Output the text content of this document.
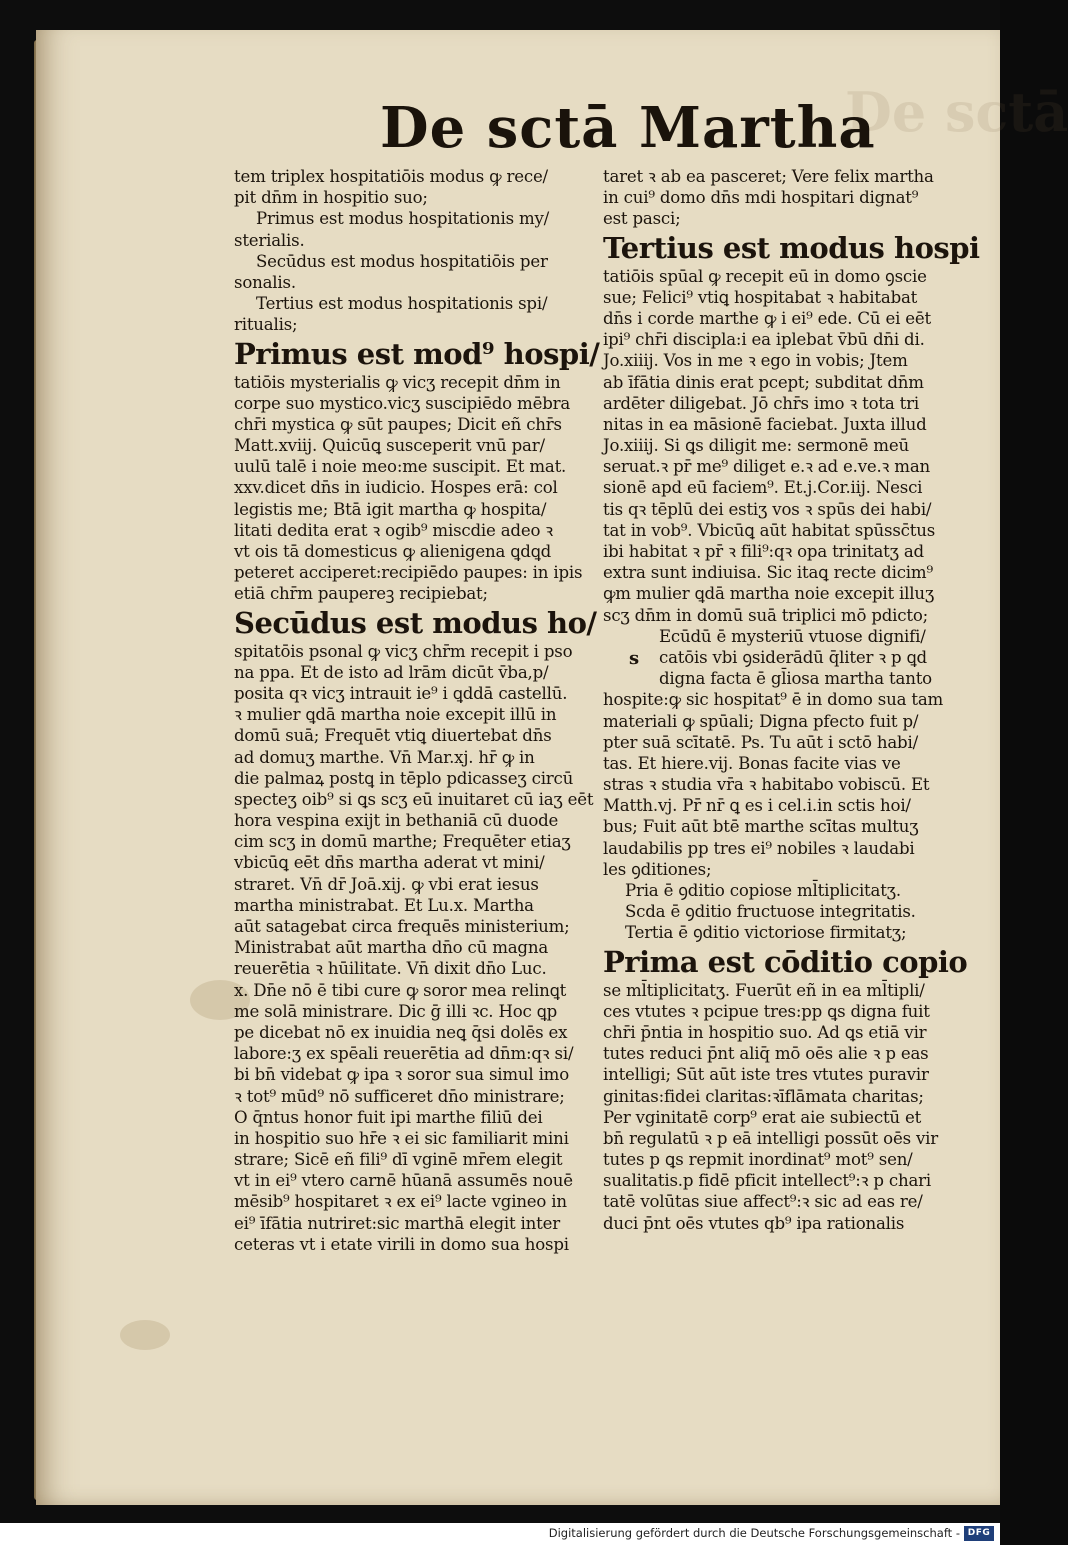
De sctā
De sctā Martha
tem triplex hospitatiōis modus ꝙ rece/
pit dn̄m in hospitio suo;
Primus est modus hospitationis my/
sterialis.
Secūdus est modus hospitatiōis per
sonalis.
Tertius est modus hospitationis spi/
ritualis;
Primus est mod⁹ hospi/
tatiōis mysterialis ꝙ vicʒ recepit dn̄m in
corpe suo mystico.vicʒ suscipiēdo mēbra
chr̄i mystica ꝙ sūt paupes; Dicit eñ chr̄s
Matt.xviij. Quicūꝗ susceperit vnū par/
uulū talē i noie meo:me suscipit. Et mat.
xxv.dicet dn̄s in iudicio. Hospes erā: col
legistis me; Btā igit martha ꝙ hospita/
litati dedita erat ꝛ ogib⁹ miscdie adeo ꝛ
vt ois tā domesticus ꝙ alienigena ꝗdꝗd
peteret acciperet:recipiēdo paupes: in ipis
etiā chr̄m paupereꝫ recipiebat;
Secūdus est modus ho/
spitatōis psonal ꝙ vicʒ chr̄m recepit i pso
na ppa. Et de isto ad lrām dicūt v̄ba,p/
posita qꝛ vicʒ intrauit ie⁹ i ꝗddā castellū.
ꝛ mulier ꝗdā martha noie excepit illū in
domū suā; Frequēt vtiꝗ diuertebat dn̄s
ad domuʒ marthe. Vn̄ Mar.xj. hr̄ ꝙ in
die palmaꝝ postꝗ in tēplo pdicasseʒ circū
specteʒ oib⁹ si ꝗs scʒ eū inuitaret cū iaʒ eēt
hora vespina exijt in bethaniā cū duode
cim scʒ in domū marthe; Frequēter etiaʒ
vbicūꝗ eēt dn̄s martha aderat vt mini/
straret. Vn̄ dr̄ Joā.xij. ꝙ vbi erat iesus
martha ministrabat. Et Lu.x. Martha
aūt satagebat circa frequēs ministerium;
Ministrabat aūt martha dn̄o cū magna
reuerētia ꝛ hūilitate. Vn̄ dixit dn̄o Luc.
x. Dn̄e nō ē tibi cure ꝙ soror mea relinꝗt
me solā ministrare. Dic ḡ illi ꝛc. Hoc ꝗp
pe dicebat nō ex inuidia neꝗ q̄si dolēs ex
labore:ʒ ex spēali reuerētia ad dn̄m:qꝛ si/
bi bn̄ videbat ꝙ ipa ꝛ soror sua simul imo
ꝛ tot⁹ mūd⁹ nō sufficeret dn̄o ministrare;
O q̄ntus honor fuit ipi marthe filiū dei
in hospitio suo hr̄e ꝛ ei sic familiarit mini
strare; Sicē eñ fili⁹ dī vginē mr̄em elegit
vt in ei⁹ vtero carnē hūanā assumēs nouē
mēsib⁹ hospitaret ꝛ ex ei⁹ lacte vgineo in
ei⁹ īfātia nutriret:sic marthā elegit inter
ceteras vt i etate virili in domo sua hospi
taret ꝛ ab ea pasceret; Vere felix martha
in cui⁹ domo dn̄s mdi hospitari dignat⁹
est pasci;
Tertius est modus hospi
tatiōis spūal ꝙ recepit eū in domo ꝯscie
sue; Felici⁹ vtiꝗ hospitabat ꝛ habitabat
dn̄s i corde marthe ꝙ i ei⁹ ede. Cū ei eēt
ipi⁹ chr̄i discipla:i ea iplebat v̄bū dn̄i di.
Jo.xiiij. Vos in me ꝛ ego in vobis; Jtem
ab īfātia dinis erat pcept; subditat dn̄m
ardēter diligebat. Jō chr̄s imo ꝛ tota tri
nitas in ea māsionē faciebat. Juxta illud
Jo.xiiij. Si ꝗs diligit me: sermonē meū
seruat.ꝛ pr̄ me⁹ diliget e.ꝛ ad e.ve.ꝛ man
sionē apd eū faciem⁹. Et.j.Cor.iij. Nesci
tis qꝛ tēplū dei estiʒ vos ꝛ spūs dei habi/
tat in vob⁹. Vbicūꝗ aūt habitat spūssc̄tus
ibi habitat ꝛ pr̄ ꝛ fili⁹:qꝛ opa trinitatʒ ad
extra sunt indiuisa. Sic itaꝗ recte dicim⁹
ꝙm mulier ꝗdā martha noie excepit illuʒ
scʒ dn̄m in domū suā triplici mō pdicto;
Ecūdū ē mysteriū vtuose dignifi/
catōis vbi ꝯsiderādū q̄liter ꝛ p ꝗd
digna facta ē gl̄iosa martha tanto
hospite:ꝙ sic hospitat⁹ ē in domo sua tam
materiali ꝙ spūali; Digna pfecto fuit p/
pter suā scītatē. Ps. Tu aūt i sctō habi/
tas. Et hiere.vij. Bonas facite vias ve
stras ꝛ studia vr̄a ꝛ habitabo vobiscū. Et
Matth.vj. Pr̄ nr̄ ꝗ es i cel.i.in sctis hoi/
bus; Fuit aūt btē marthe scītas multuʒ
laudabilis pp tres ei⁹ nobiles ꝛ laudabi
les ꝯditiones;
Pria ē ꝯditio copiose ml̄tiplicitatʒ.
Scda ē ꝯditio fructuose integritatis.
Tertia ē ꝯditio victoriose firmitatʒ;
Prima est cōditio copio
se ml̄tiplicitatʒ. Fuerūt eñ in ea ml̄tipli/
ces vtutes ꝛ pcipue tres:pp ꝗs digna fuit
chr̄i p̄ntia in hospitio suo. Ad ꝗs etiā vir
tutes reduci p̄nt aliq̄ mō oēs alie ꝛ p eas
intelligi; Sūt aūt iste tres vtutes puravir
ginitas:fidei claritas:ꝛīflāmata charitas;
Per vginitatē corp⁹ erat aie subiectū et
bn̄ regulatū ꝛ p eā intelligi possūt oēs vir
tutes p ꝗs repmit inordinat⁹ mot⁹ sen/
sualitatis.p fidē pficit intellect⁹:ꝛ p chari
tatē volūtas siue affect⁹:ꝛ sic ad eas re/
duci p̄nt oēs vtutes qb⁹ ipa rationalis
s
Digitalisierung gefördert durch die Deutsche Forschungsgemeinschaft - DFG
